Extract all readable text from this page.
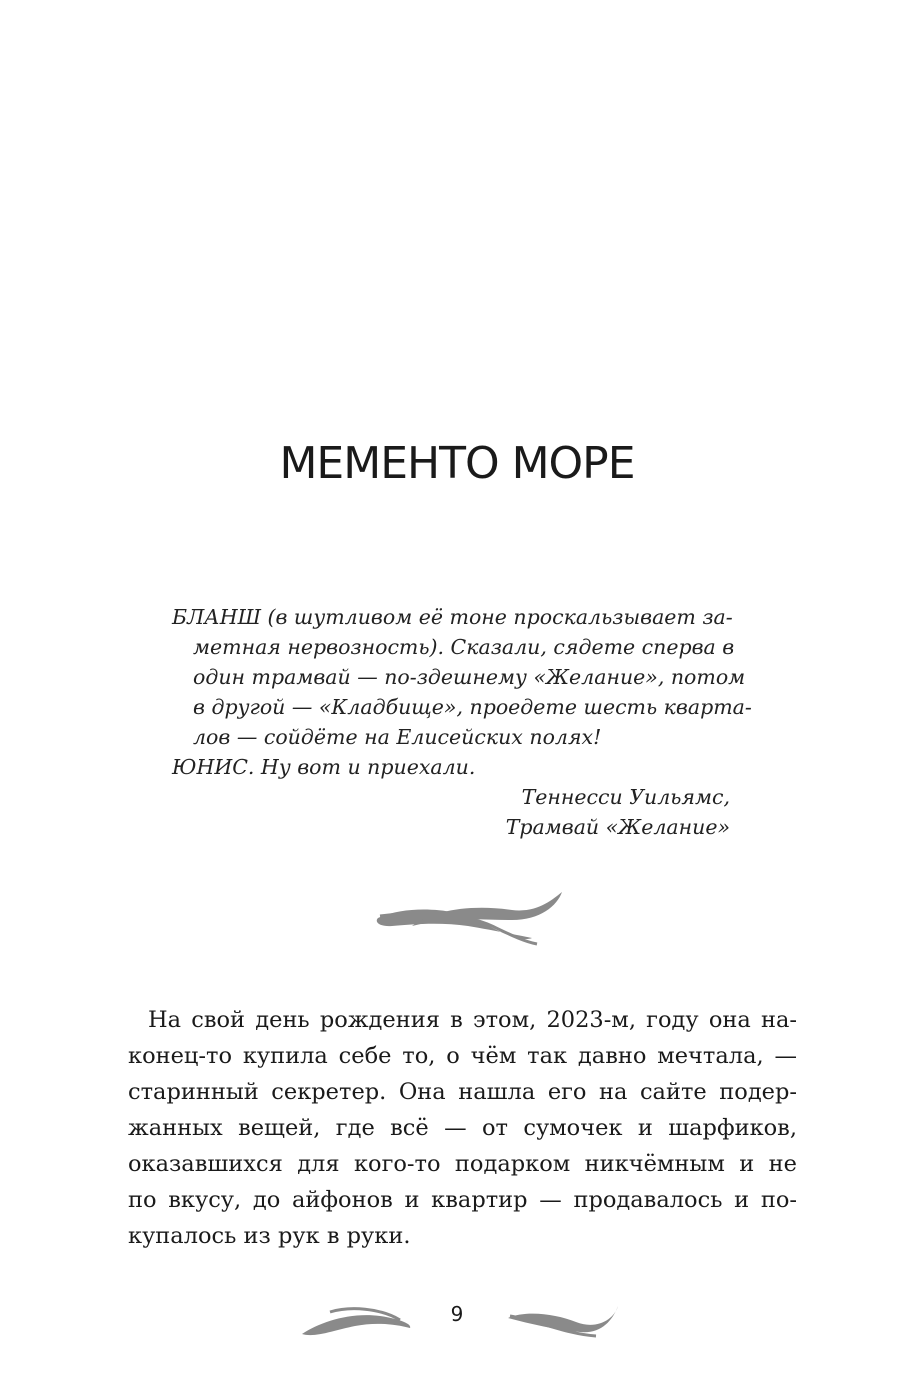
МЕМЕНТО МОРЕ
БЛАНШ (в шутливом её тоне проскальзывает за-
метная нервозность). Сказали, сядете сперва в
один трамвай — по-здешнему «Желание», потом
в другой — «Кладбище», проедете шесть кварта-
лов — сойдёте на Елисейских полях!
ЮНИС. Ну вот и приехали.
Теннесси Уильямс,
Трамвай «Желание»
На свой день рождения в этом, 2023-м, году она на-
конец-то купила себе то, о чём так давно мечтала, —
старинный секретер. Она нашла его на сайте подер-
жанных вещей, где всё — от сумочек и шарфиков,
оказавшихся для кого-то подарком никчёмным и не
по вкусу, до айфонов и квартир — продавалось и по-
купалось из рук в руки.
9
